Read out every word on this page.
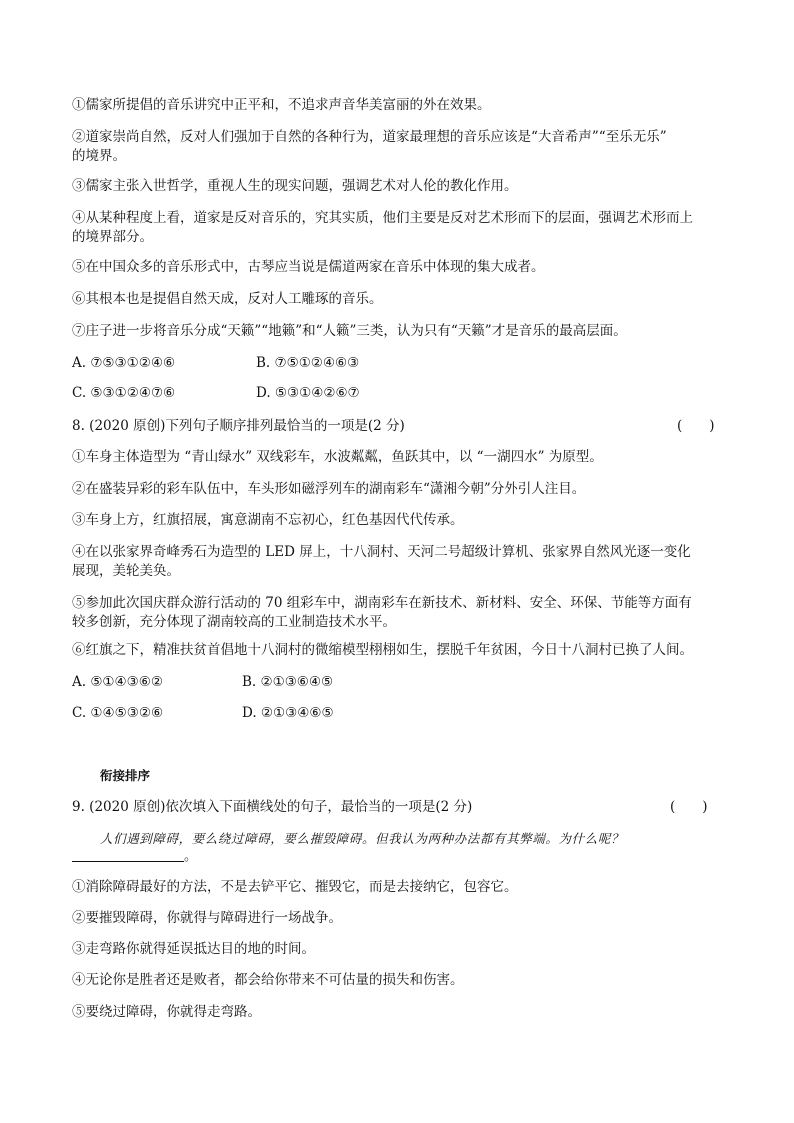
①儒家所提倡的音乐讲究中正平和，不追求声音华美富丽的外在效果。
②道家崇尚自然，反对人们强加于自然的各种行为，道家最理想的音乐应该是“大音希声”“至乐无乐”
的境界。
③儒家主张入世哲学，重视人生的现实问题，强调艺术对人伦的教化作用。
④从某种程度上看，道家是反对音乐的，究其实质，他们主要是反对艺术形而下的层面，强调艺术形而上
的境界部分。
⑤在中国众多的音乐形式中，古琴应当说是儒道两家在音乐中体现的集大成者。
⑥其根本也是提倡自然天成，反对人工雕琢的音乐。
⑦庄子进一步将音乐分成“天籁”“地籁”和“人籁”三类，认为只有“天籁”才是音乐的最高层面。
A. ⑦⑤③①②④⑥	B. ⑦⑤①②④⑥③
C. ⑤③①②④⑦⑥	D. ⑤③①④②⑥⑦
8. (2020 原创)下列句子顺序排列最恰当的一项是(2 分)	(　　)
①车身主体造型为 “青山绿水” 双线彩车，水波粼粼，鱼跃其中，以 “一湖四水” 为原型。
②在盛装异彩的彩车队伍中，车头形如磁浮列车的湖南彩车“潇湘今朝”分外引人注目。
③车身上方，红旗招展，寓意湖南不忘初心，红色基因代代传承。
④在以张家界奇峰秀石为造型的 LED 屏上，十八洞村、天河二号超级计算机、张家界自然风光逐一变化
展现，美轮美奂。
⑤参加此次国庆群众游行活动的 70 组彩车中，湖南彩车在新技术、新材料、安全、环保、节能等方面有
较多创新，充分体现了湖南较高的工业制造技术水平。
⑥红旗之下，精准扶贫首倡地十八洞村的微缩模型栩栩如生，摆脱千年贫困，今日十八洞村已换了人间。
A. ⑤①④③⑥②	B. ②①③⑥④⑤
C. ①④⑤③②⑥	D. ②①③④⑥⑤
衔接排序
9. (2020 原创)依次填入下面横线处的句子，最恰当的一项是(2 分)	(　　)
人们遇到障碍，要么绕过障碍，要么摧毁障碍。但我认为两种办法都有其弊端。为什么呢？
。
①消除障碍最好的方法，不是去铲平它、摧毁它，而是去接纳它，包容它。
②要摧毁障碍，你就得与障碍进行一场战争。
③走弯路你就得延误抵达目的地的时间。
④无论你是胜者还是败者，都会给你带来不可估量的损失和伤害。
⑤要绕过障碍，你就得走弯路。
